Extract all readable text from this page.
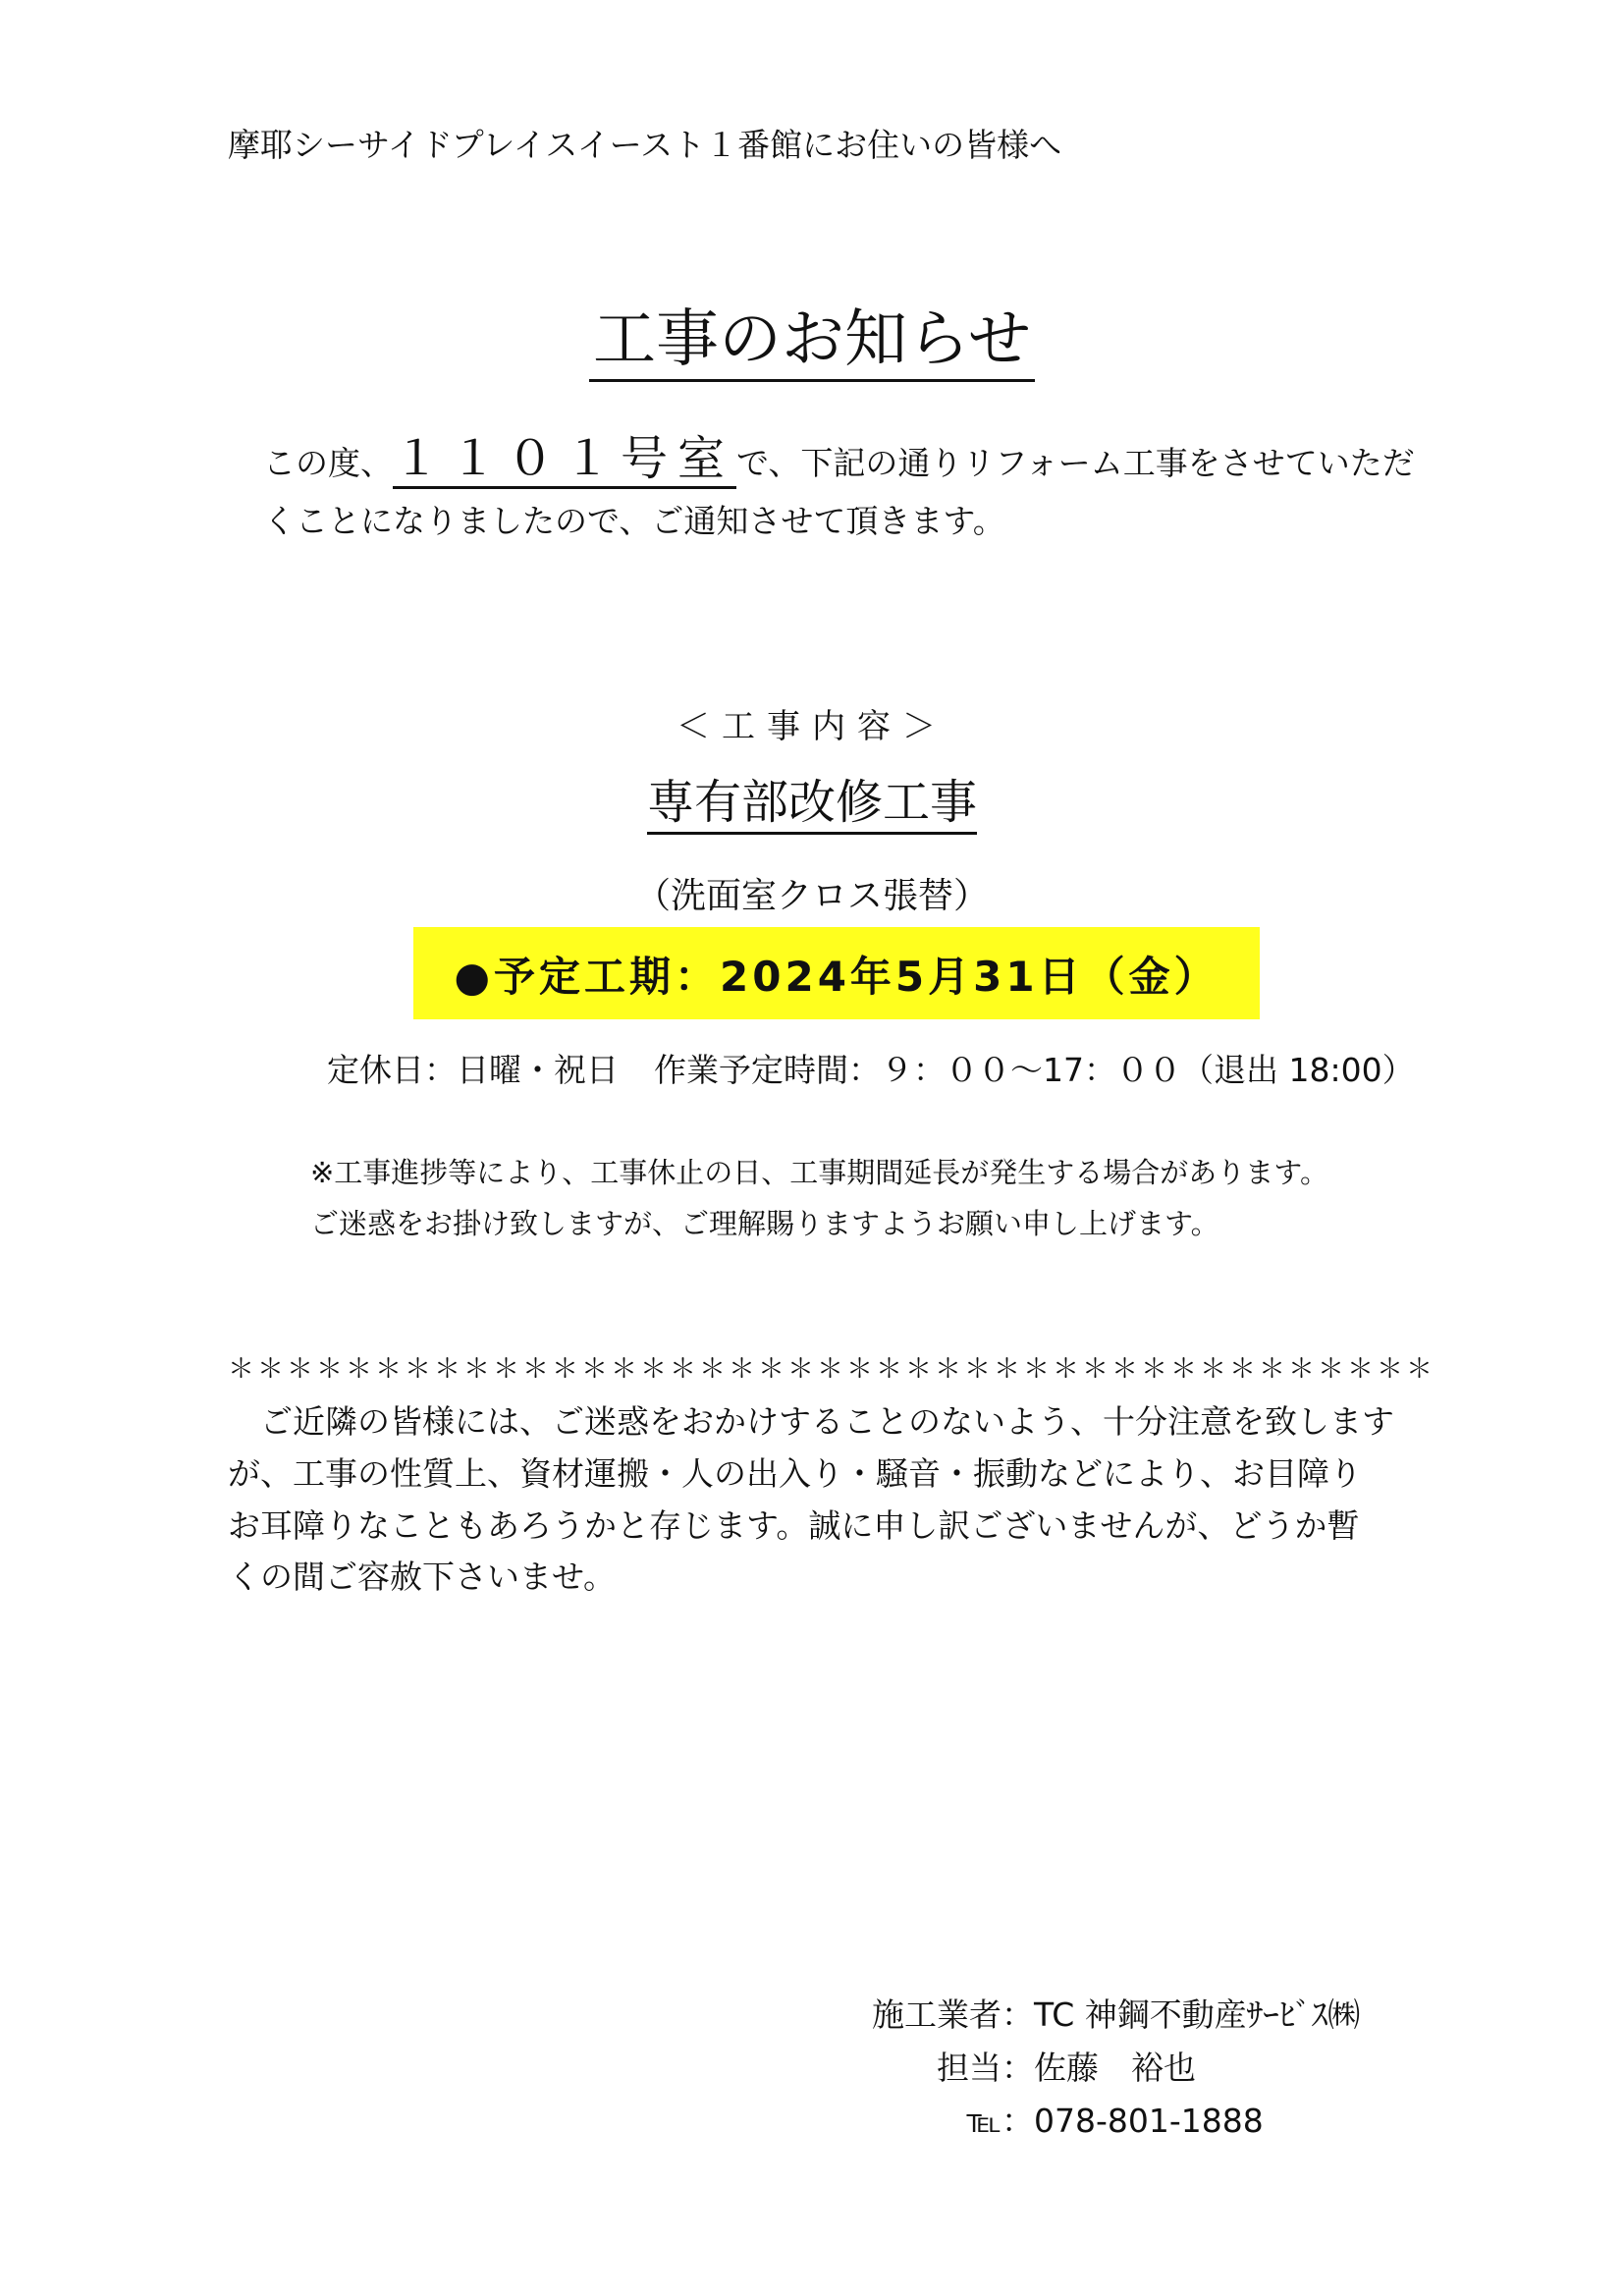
摩耶シーサイドプレイスイースト１番館にお住いの皆様へ
工事のお知らせ
この度、１１０１号室で、下記の通りリフォーム工事をさせていただ
くことになりましたので、ご通知させて頂きます。
＜工事内容＞
専有部改修工事
（洗面室クロス張替）
●予定工期：2024年5月31日（金）
定休日：日曜・祝日 作業予定時間：９：００～17：００（退出 18:00）
※工事進捗等により、工事休止の日、工事期間延長が発生する場合があります。
ご迷惑をお掛け致しますが、ご理解賜りますようお願い申し上げます。
＊＊＊＊＊＊＊＊＊＊＊＊＊＊＊＊＊＊＊＊＊＊＊＊＊＊＊＊＊＊＊＊＊＊＊＊＊＊＊＊＊
　ご近隣の皆様には、ご迷惑をおかけすることのないよう、十分注意を致します
が、工事の性質上、資材運搬・人の出入り・騒音・振動などにより、お目障り
お耳障りなこともあろうかと存じます。誠に申し訳ございませんが、どうか暫
くの間ご容赦下さいませ。
施工業者：TC 神鋼不動産ｻｰﾋﾞｽ㈱
担当：佐藤　裕也
℡：078-801-1888
